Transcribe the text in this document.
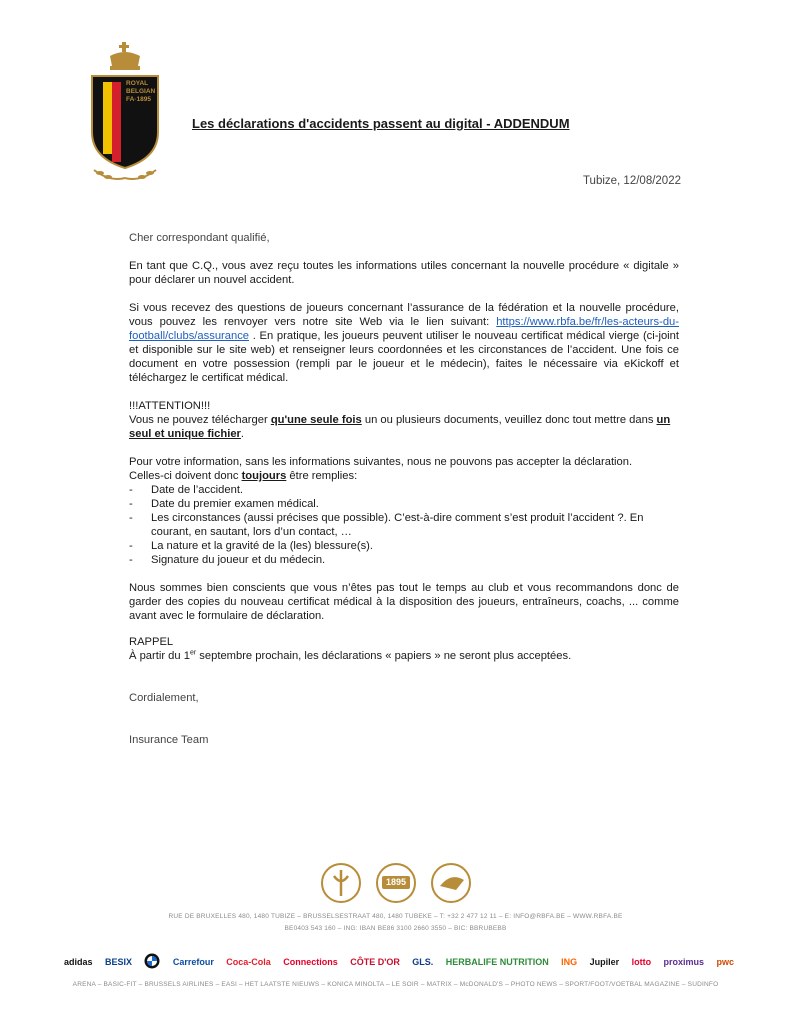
ROYAL
BELGIAN
FA·1895
Les déclarations d'accidents passent au digital - ADDENDUM
Tubize, 12/08/2022
Cher correspondant qualifié,
En tant que C.Q., vous avez reçu toutes les informations utiles concernant la nouvelle procédure « digitale » pour déclarer un nouvel accident.
Si vous recevez des questions de joueurs concernant l’assurance de la fédération et la nouvelle procédure, vous pouvez les renvoyer vers notre site Web via le lien suivant: https://www.rbfa.be/fr/les-acteurs-du-football/clubs/assurance . En pratique, les joueurs peuvent utiliser le nouveau certificat médical vierge (ci-joint et disponible sur le site web) et renseigner leurs coordonnées et les circonstances de l’accident. Une fois ce document en votre possession (rempli par le joueur et le médecin), faites le nécessaire via eKickoff et téléchargez le certificat médical.
!!!ATTENTION!!!
Vous ne pouvez télécharger qu'une seule fois un ou plusieurs documents, veuillez donc tout mettre dans un seul et unique fichier.
Pour votre information, sans les informations suivantes, nous ne pouvons pas accepter la déclaration.
Celles-ci doivent donc toujours être remplies:
- Date de l’accident.
- Date du premier examen médical.
- Les circonstances (aussi précises que possible). C’est-à-dire comment s’est produit l’accident ?. En courant, en sautant, lors d’un contact, …
- La nature et la gravité de la (les) blessure(s).
- Signature du joueur et du médecin.
Nous sommes bien conscients que vous n’êtes pas tout le temps au club et vous recommandons donc de garder des copies du nouveau certificat médical à la disposition des joueurs, entraîneurs, coachs, ... comme avant avec le formulaire de déclaration.
RAPPEL
À partir du 1er septembre prochain, les déclarations « papiers » ne seront plus acceptées.
Cordialement,
Insurance Team
1895
RUE DE BRUXELLES 480, 1480 TUBIZE – BRUSSELSESTRAAT 480, 1480 TUBEKE – T: +32 2 477 12 11 – E: INFO@RBFA.BE – WWW.RBFA.BE
BE0403 543 160 – ING: IBAN BE86 3100 2660 3550 – BIC: BBRUBEBB
adidas BESIX	Carrefour Coca-Cola Connections CÔTE D'OR GLS. HERBALIFE NUTRITION ING Jupiler lotto proximus pwc
ARENA – BASIC-FIT – BRUSSELS AIRLINES – EASI – HET LAATSTE NIEUWS – KONICA MINOLTA – LE SOIR – MATRIX – McDONALD'S – PHOTO NEWS – SPORT/FOOT/VOETBAL MAGAZINE – SUDINFO
